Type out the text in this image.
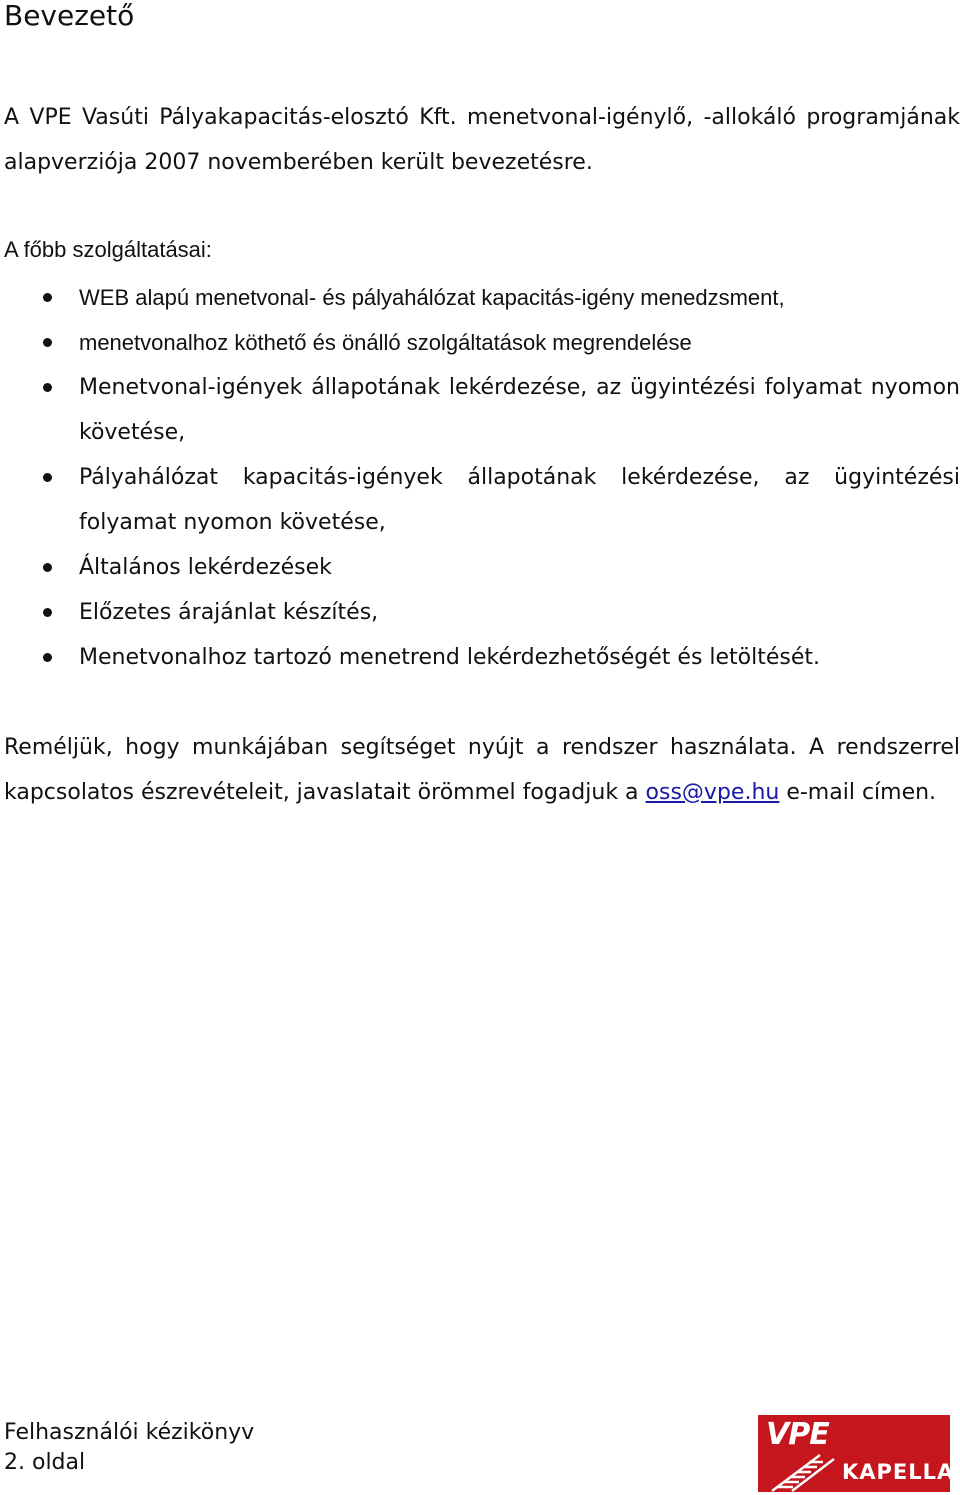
Bevezető

A VPE Vasúti Pályakapacitás-elosztó Kft. menetvonal-igénylő, -allokáló programjának alapverziója 2007 novemberében került bevezetésre.

A főbb szolgáltatásai:

WEB alapú menetvonal- és pályahálózat kapacitás-igény menedzsment,
menetvonalhoz köthető és önálló szolgáltatások megrendelése
Menetvonal-igények állapotának lekérdezése, az ügyintézési folyamat nyomon követése,
Pályahálózat kapacitás-igények állapotának lekérdezése, az ügyintézési folyamat nyomon követése,
Általános lekérdezések
Előzetes árajánlat készítés,
Menetvonalhoz tartozó menetrend lekérdezhetőségét és letöltését.

Reméljük, hogy munkájában segítséget nyújt a rendszer használata. A rendszerrel kapcsolatos észrevételeit, javaslatait örömmel fogadjuk a oss@vpe.hu e-mail címen.

Felhasználói kézikönyv
2. oldal
VPE
KAPELLA
